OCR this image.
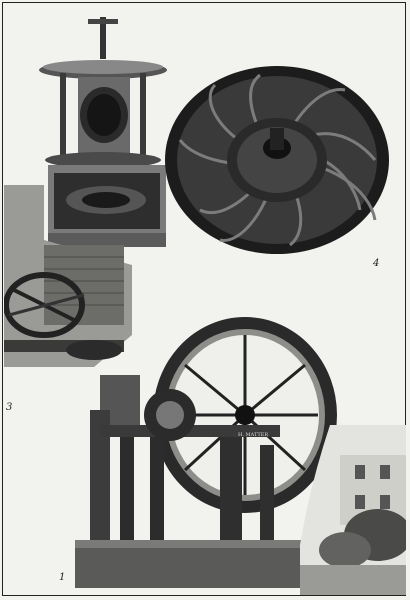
H. MATTER
1
3
4
